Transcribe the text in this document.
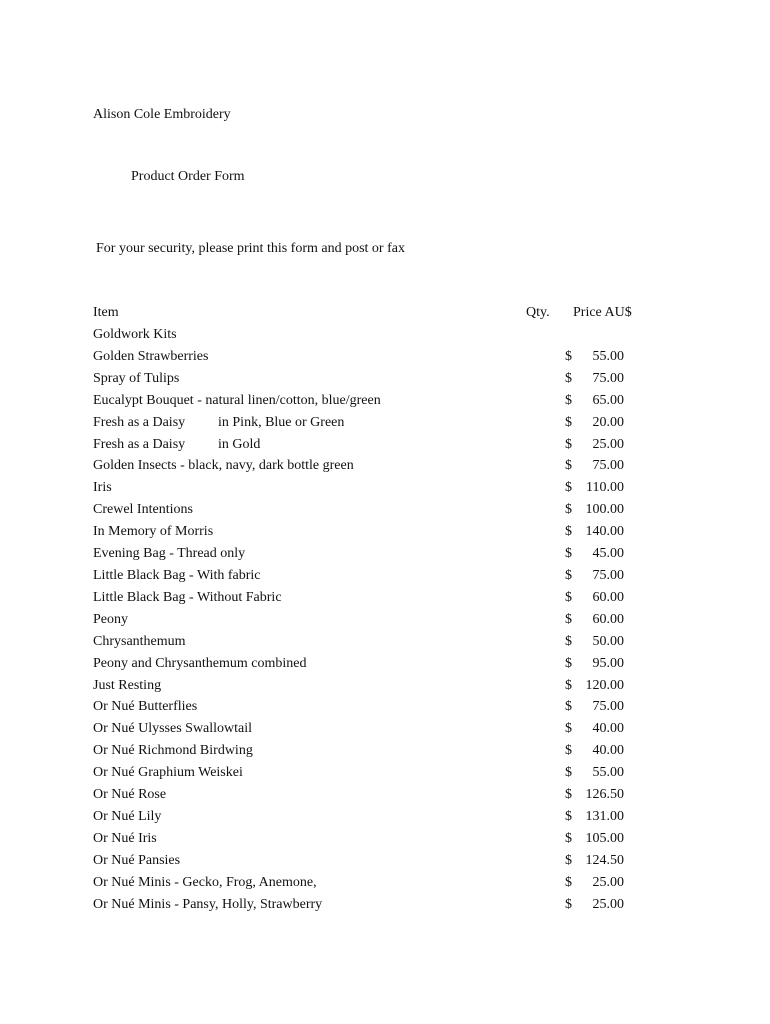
Alison Cole Embroidery
Product Order Form
For your security, please print this form and post or fax
Item	Qty. Price AU$
Goldwork Kits
Golden Strawberries	$ 55.00
Spray of Tulips	$ 75.00
Eucalypt Bouquet - natural linen/cotton, blue/green	$ 65.00
Fresh as a Daisy in Pink, Blue or Green	$ 20.00
Fresh as a Daisy in Gold	$ 25.00
Golden Insects - black, navy, dark bottle green	$ 75.00
Iris	$ 110.00
Crewel Intentions	$ 100.00
In Memory of Morris	$ 140.00
Evening Bag - Thread only	$ 45.00
Little Black Bag - With fabric	$ 75.00
Little Black Bag - Without Fabric	$ 60.00
Peony	$ 60.00
Chrysanthemum	$ 50.00
Peony and Chrysanthemum combined	$ 95.00
Just Resting	$ 120.00
Or Nué Butterflies	$ 75.00
Or Nué Ulysses Swallowtail	$ 40.00
Or Nué Richmond Birdwing	$ 40.00
Or Nué Graphium Weiskei	$ 55.00
Or Nué Rose	$ 126.50
Or Nué Lily	$ 131.00
Or Nué Iris	$ 105.00
Or Nué Pansies	$ 124.50
Or Nué Minis - Gecko, Frog, Anemone,	$ 25.00
Or Nué Minis - Pansy, Holly, Strawberry	$ 25.00
